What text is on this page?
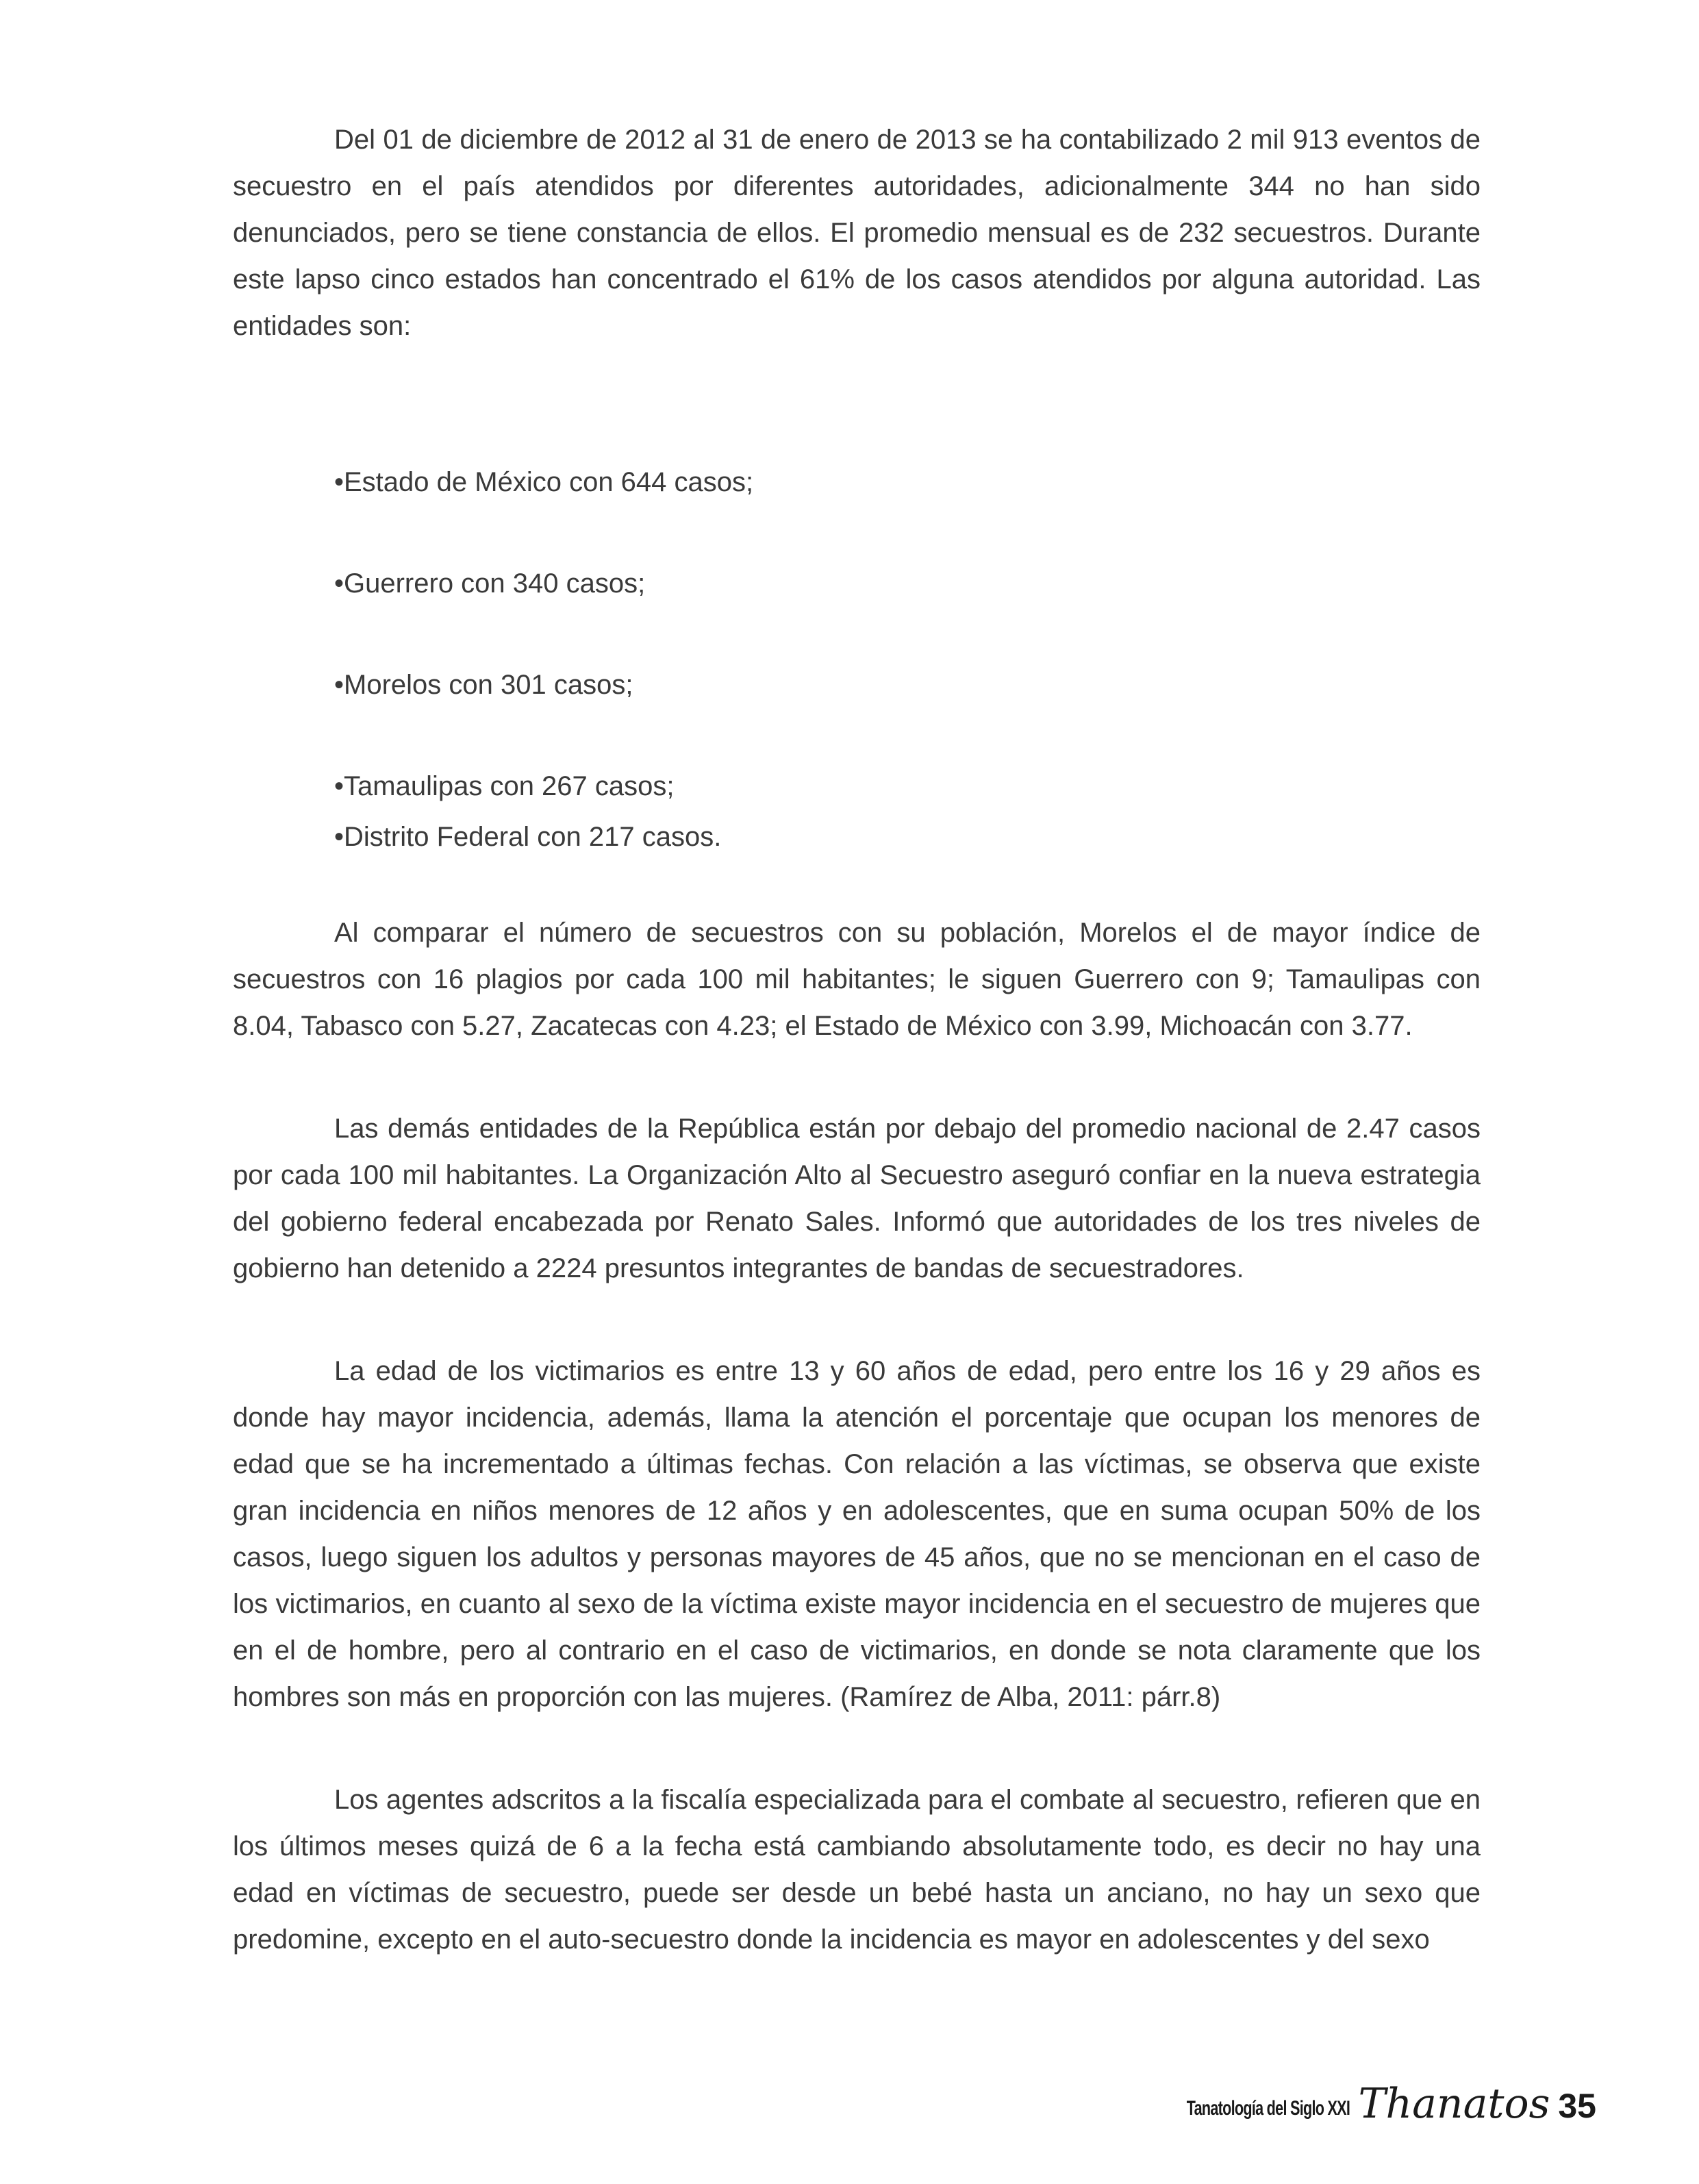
Del 01 de diciembre de 2012 al 31 de enero de 2013 se ha contabilizado 2 mil 913 eventos de secuestro en el país atendidos por diferentes autoridades, adicionalmente 344 no han sido denunciados, pero se tiene constancia de ellos. El promedio mensual es de 232 secuestros. Durante este lapso cinco estados han concentrado el 61% de los casos atendidos por alguna autoridad. Las entidades son:

•Estado de México con 644 casos;

•Guerrero con 340 casos;

•Morelos con 301 casos;

•Tamaulipas con 267 casos;

•Distrito Federal con 217 casos.

Al comparar el número de secuestros con su población, Morelos el de mayor índice de secuestros con 16 plagios por cada 100 mil habitantes; le siguen Guerrero con 9; Tamaulipas con 8.04, Tabasco con 5.27, Zacatecas con 4.23; el Estado de México con 3.99, Michoacán con 3.77.

Las demás entidades de la República están por debajo del promedio nacional de 2.47 casos por cada 100 mil habitantes. La Organización Alto al Secuestro aseguró confiar en la nueva estrategia del gobierno federal encabezada por Renato Sales. Informó que autoridades de los tres niveles de gobierno han detenido a 2224 presuntos integrantes de bandas de secuestradores.

La edad de los victimarios es entre 13 y 60 años de edad, pero entre los 16 y 29 años es donde hay mayor incidencia, además, llama la atención el porcentaje que ocupan los menores de edad que se ha incrementado a últimas fechas. Con relación a las víctimas, se observa que existe gran incidencia en niños menores de 12 años y en adolescentes, que en suma ocupan 50% de los casos, luego siguen los adultos y personas mayores de 45 años, que no se mencionan en el caso de los victimarios, en cuanto al sexo de la víctima existe mayor incidencia en el secuestro de mujeres que en el de hombre, pero al contrario en el caso de victimarios, en donde se nota claramente que los hombres son más en proporción con las mujeres. (Ramírez de Alba, 2011: párr.8)

Los agentes adscritos a la fiscalía especializada para el combate al secuestro, refieren que en los últimos meses quizá de 6 a la fecha está cambiando absolutamente todo, es decir no hay una edad en víctimas de secuestro, puede ser desde un bebé hasta un anciano, no hay un sexo que predomine, excepto en el auto-secuestro donde la incidencia es mayor en adolescentes y del sexo

Tanatología del Siglo XXI Thanatos 35
